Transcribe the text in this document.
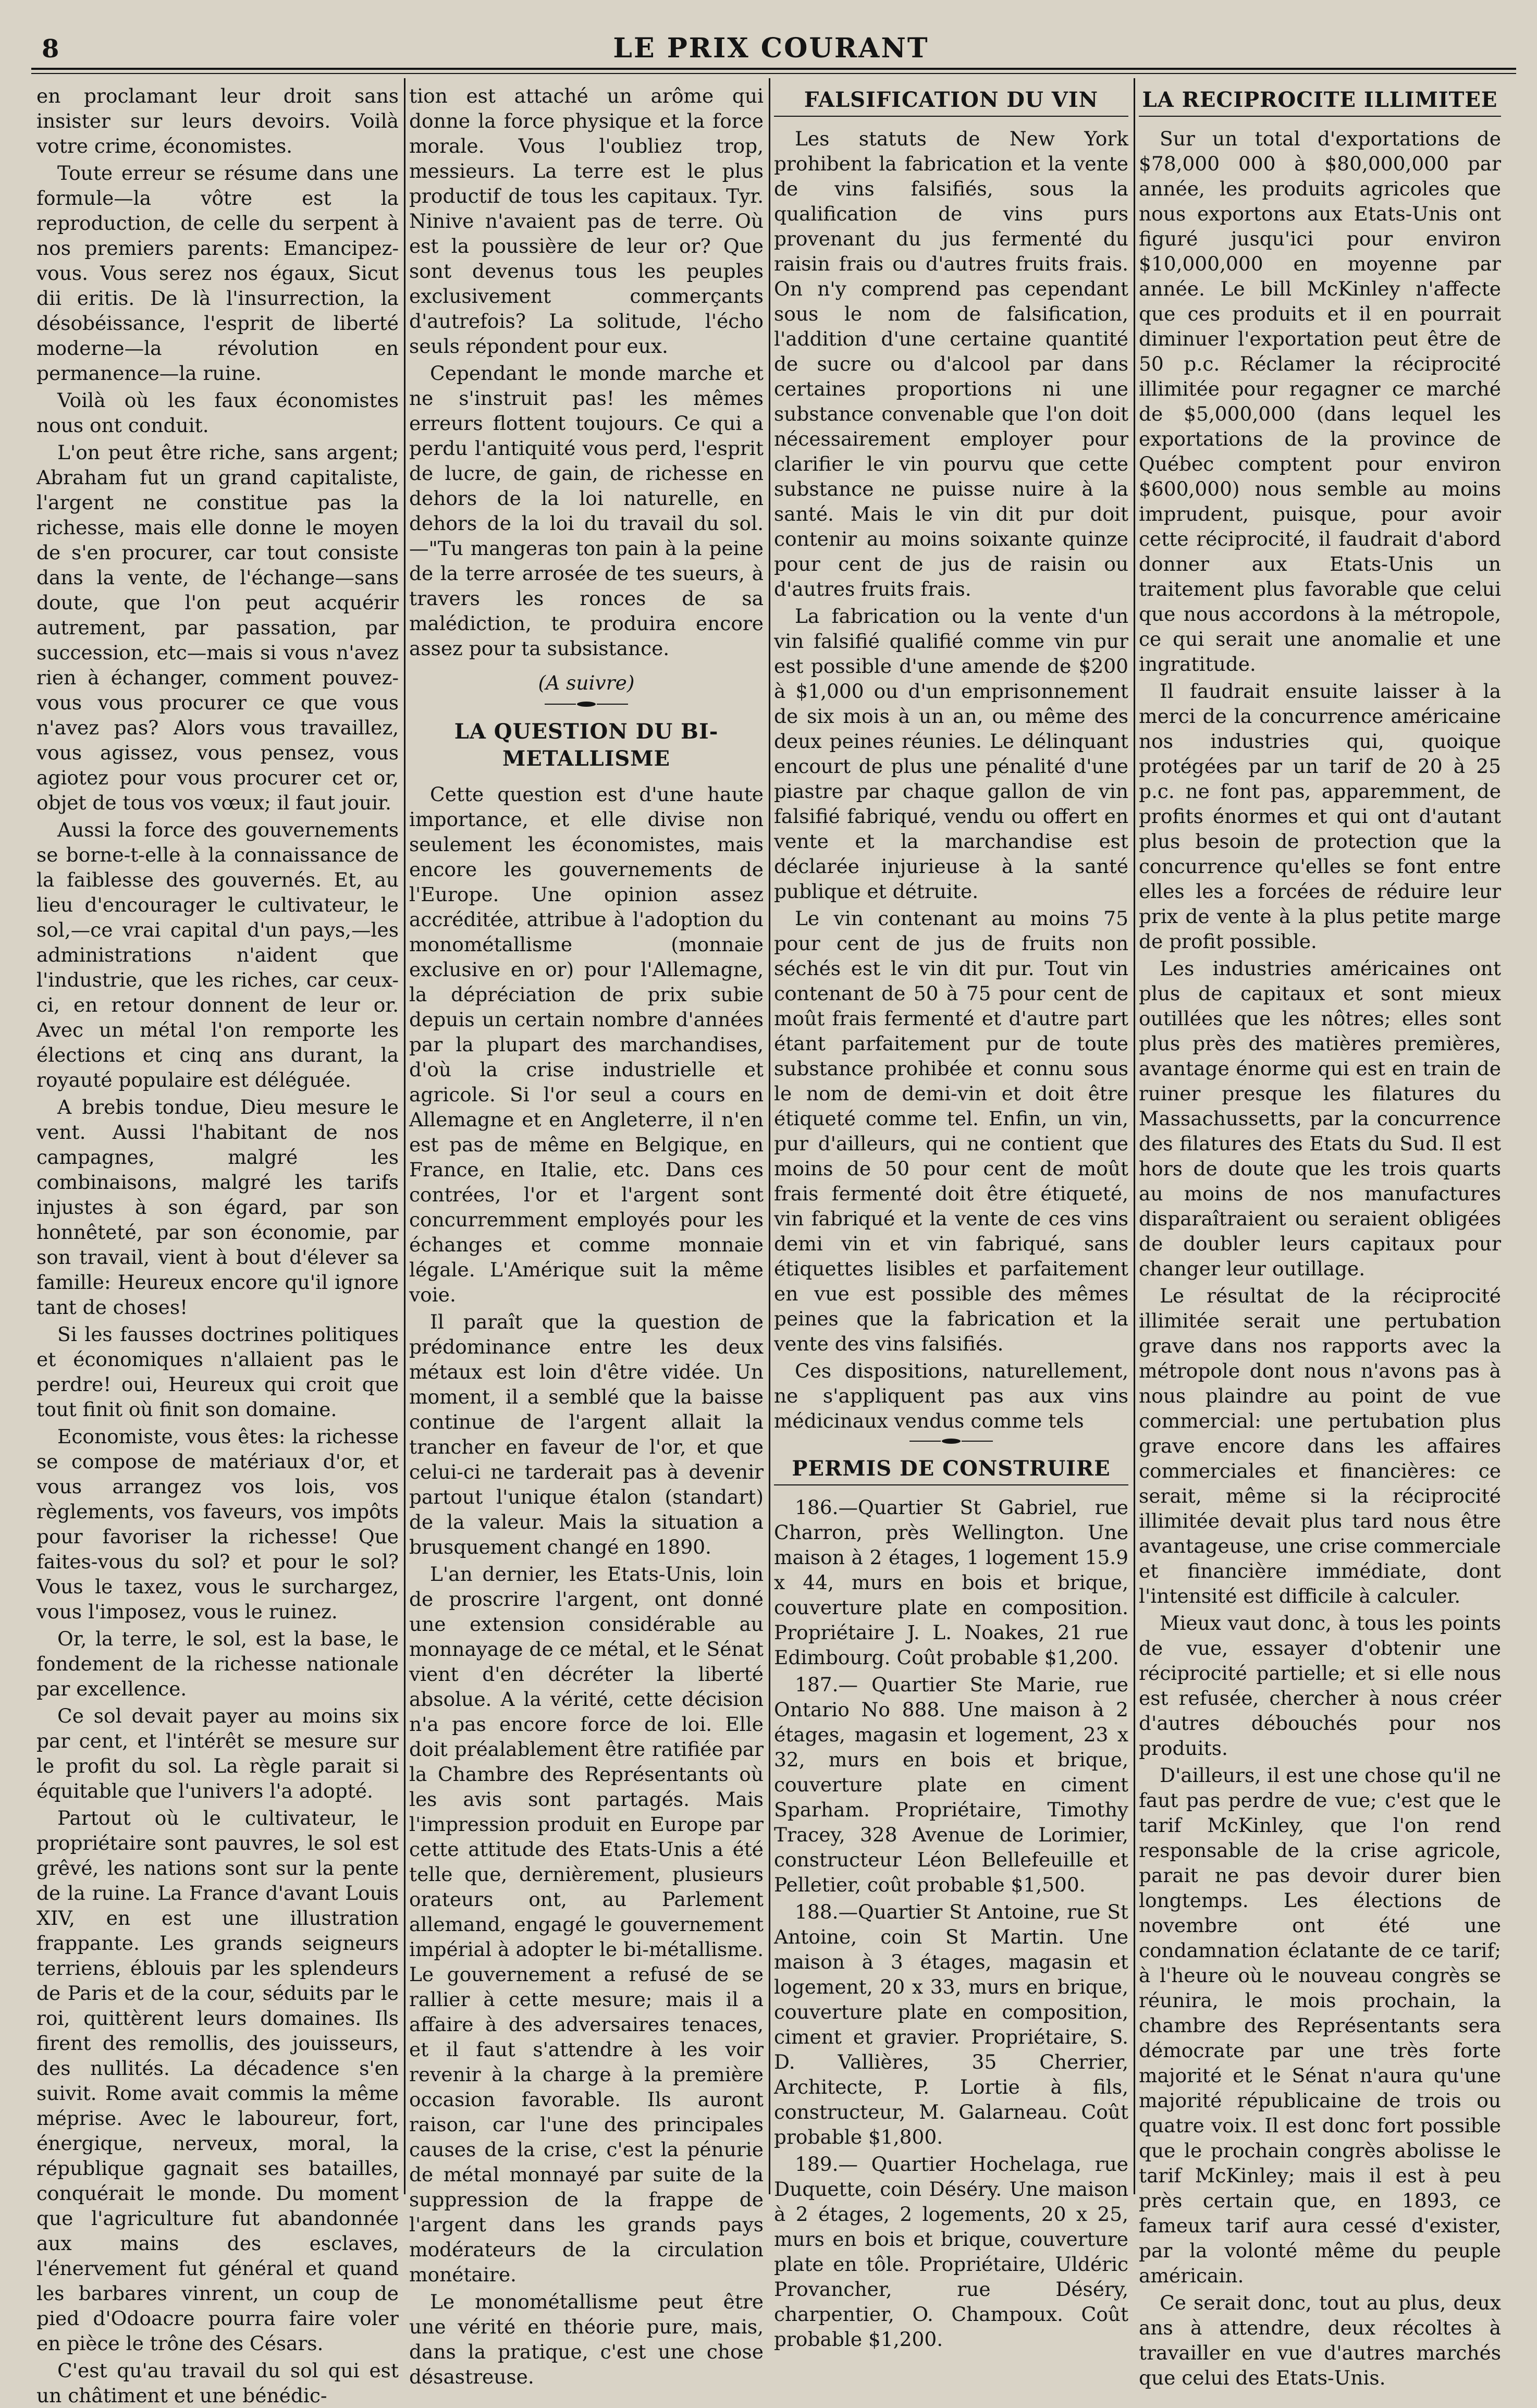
8	LE PRIX COURANT

en proclamant leur droit sans insister sur leurs devoirs. Voilà votre crime, économistes.

Toute erreur se résume dans une formule—la vôtre est la reproduction, de celle du serpent à nos premiers parents: Emancipez-vous. Vous serez nos égaux, Sicut dii eritis. De là l'insurrection, la désobéissance, l'esprit de liberté moderne—la révolution en permanence—la ruine.

Voilà où les faux économistes nous ont conduit.

L'on peut être riche, sans argent; Abraham fut un grand capitaliste, l'argent ne constitue pas la richesse, mais elle donne le moyen de s'en procurer, car tout consiste dans la vente, de l'échange—sans doute, que l'on peut acquérir autrement, par passation, par succession, etc—mais si vous n'avez rien à échanger, comment pouvez-vous vous procurer ce que vous n'avez pas? Alors vous travaillez, vous agissez, vous pensez, vous agiotez pour vous procurer cet or, objet de tous vos vœux; il faut jouir.

Aussi la force des gouvernements se borne-t-elle à la connaissance de la faiblesse des gouvernés. Et, au lieu d'encourager le cultivateur, le sol,—ce vrai capital d'un pays,—les administrations n'aident que l'industrie, que les riches, car ceux-ci, en retour donnent de leur or. Avec un métal l'on remporte les élections et cinq ans durant, la royauté populaire est déléguée.

A brebis tondue, Dieu mesure le vent. Aussi l'habitant de nos campagnes, malgré les combinaisons, malgré les tarifs injustes à son égard, par son honnêteté, par son économie, par son travail, vient à bout d'élever sa famille: Heureux encore qu'il ignore tant de choses!

Si les fausses doctrines politiques et économiques n'allaient pas le perdre! oui, Heureux qui croit que tout finit où finit son domaine.

Economiste, vous êtes: la richesse se compose de matériaux d'or, et vous arrangez vos lois, vos règlements, vos faveurs, vos impôts pour favoriser la richesse! Que faites-vous du sol? et pour le sol? Vous le taxez, vous le surchargez, vous l'imposez, vous le ruinez.

Or, la terre, le sol, est la base, le fondement de la richesse nationale par excellence.

Ce sol devait payer au moins six par cent, et l'intérêt se mesure sur le profit du sol. La règle parait si équitable que l'univers l'a adopté.

Partout où le cultivateur, le propriétaire sont pauvres, le sol est grêvé, les nations sont sur la pente de la ruine. La France d'avant Louis XIV, en est une illustration frappante. Les grands seigneurs terriens, éblouis par les splendeurs de Paris et de la cour, séduits par le roi, quittèrent leurs domaines. Ils firent des remollis, des jouisseurs, des nullités. La décadence s'en suivit. Rome avait commis la même méprise. Avec le laboureur, fort, énergique, nerveux, moral, la république gagnait ses batailles, conquérait le monde. Du moment que l'agriculture fut abandonnée aux mains des esclaves, l'énervement fut général et quand les barbares vinrent, un coup de pied d'Odoacre pourra faire voler en pièce le trône des Césars.

C'est qu'au travail du sol qui est un châtiment et une bénédic-

tion est attaché un arôme qui donne la force physique et la force morale. Vous l'oubliez trop, messieurs. La terre est le plus productif de tous les capitaux. Tyr. Ninive n'avaient pas de terre. Où est la poussière de leur or? Que sont devenus tous les peuples exclusivement commerçants d'autrefois? La solitude, l'écho seuls répondent pour eux.

Cependant le monde marche et ne s'instruit pas! les mêmes erreurs flottent toujours. Ce qui a perdu l'antiquité vous perd, l'esprit de lucre, de gain, de richesse en dehors de la loi naturelle, en dehors de la loi du travail du sol. —"Tu mangeras ton pain à la peine de la terre arrosée de tes sueurs, à travers les ronces de sa malédiction, te produira encore assez pour ta subsistance.

(A suivre)

LA QUESTION DU BI-METALLISME

Cette question est d'une haute importance, et elle divise non seulement les économistes, mais encore les gouvernements de l'Europe. Une opinion assez accréditée, attribue à l'adoption du monométallisme (monnaie exclusive en or) pour l'Allemagne, la dépréciation de prix subie depuis un certain nombre d'années par la plupart des marchandises, d'où la crise industrielle et agricole. Si l'or seul a cours en Allemagne et en Angleterre, il n'en est pas de même en Belgique, en France, en Italie, etc. Dans ces contrées, l'or et l'argent sont concurremment employés pour les échanges et comme monnaie légale. L'Amérique suit la même voie.

Il paraît que la question de prédominance entre les deux métaux est loin d'être vidée. Un moment, il a semblé que la baisse continue de l'argent allait la trancher en faveur de l'or, et que celui-ci ne tarderait pas à devenir partout l'unique étalon (standart) de la valeur. Mais la situation a brusquement changé en 1890.

L'an dernier, les Etats-Unis, loin de proscrire l'argent, ont donné une extension considérable au monnayage de ce métal, et le Sénat vient d'en décréter la liberté absolue. A la vérité, cette décision n'a pas encore force de loi. Elle doit préalablement être ratifiée par la Chambre des Représentants où les avis sont partagés. Mais l'impression produit en Europe par cette attitude des Etats-Unis a été telle que, dernièrement, plusieurs orateurs ont, au Parlement allemand, engagé le gouvernement impérial à adopter le bi-métallisme. Le gouvernement a refusé de se rallier à cette mesure; mais il a affaire à des adversaires tenaces, et il faut s'attendre à les voir revenir à la charge à la première occasion favorable. Ils auront raison, car l'une des principales causes de la crise, c'est la pénurie de métal monnayé par suite de la suppression de la frappe de l'argent dans les grands pays modérateurs de la circulation monétaire.

Le monométallisme peut être une vérité en théorie pure, mais, dans la pratique, c'est une chose désastreuse.

FALSIFICATION DU VIN

Les statuts de New York prohibent la fabrication et la vente de vins falsifiés, sous la qualification de vins purs provenant du jus fermenté du raisin frais ou d'autres fruits frais. On n'y comprend pas cependant sous le nom de falsification, l'addition d'une certaine quantité de sucre ou d'alcool par dans certaines proportions ni une substance convenable que l'on doit nécessairement employer pour clarifier le vin pourvu que cette substance ne puisse nuire à la santé. Mais le vin dit pur doit contenir au moins soixante quinze pour cent de jus de raisin ou d'autres fruits frais.

La fabrication ou la vente d'un vin falsifié qualifié comme vin pur est possible d'une amende de $200 à $1,000 ou d'un emprisonnement de six mois à un an, ou même des deux peines réunies. Le délinquant encourt de plus une pénalité d'une piastre par chaque gallon de vin falsifié fabriqué, vendu ou offert en vente et la marchandise est déclarée injurieuse à la santé publique et détruite.

Le vin contenant au moins 75 pour cent de jus de fruits non séchés est le vin dit pur. Tout vin contenant de 50 à 75 pour cent de moût frais fermenté et d'autre part étant parfaitement pur de toute substance prohibée et connu sous le nom de demi-vin et doit être étiqueté comme tel. Enfin, un vin, pur d'ailleurs, qui ne contient que moins de 50 pour cent de moût frais fermenté doit être étiqueté, vin fabriqué et la vente de ces vins demi vin et vin fabriqué, sans étiquettes lisibles et parfaitement en vue est possible des mêmes peines que la fabrication et la vente des vins falsifiés.

Ces dispositions, naturellement, ne s'appliquent pas aux vins médicinaux vendus comme tels

PERMIS DE CONSTRUIRE

186.—Quartier St Gabriel, rue Charron, près Wellington. Une maison à 2 étages, 1 logement 15.9 x 44, murs en bois et brique, couverture plate en composition. Propriétaire J. L. Noakes, 21 rue Edimbourg. Coût probable $1,200.

187.— Quartier Ste Marie, rue Ontario No 888. Une maison à 2 étages, magasin et logement, 23 x 32, murs en bois et brique, couverture plate en ciment Sparham. Propriétaire, Timothy Tracey, 328 Avenue de Lorimier, constructeur Léon Bellefeuille et Pelletier, coût probable $1,500.

188.—Quartier St Antoine, rue St Antoine, coin St Martin. Une maison à 3 étages, magasin et logement, 20 x 33, murs en brique, couverture plate en composition, ciment et gravier. Propriétaire, S. D. Vallières, 35 Cherrier, Architecte, P. Lortie à fils, constructeur, M. Galarneau. Coût probable $1,800.

189.— Quartier Hochelaga, rue Duquette, coin Déséry. Une maison à 2 étages, 2 logements, 20 x 25, murs en bois et brique, couverture plate en tôle. Propriétaire, Uldéric Provancher, rue Déséry, charpentier, O. Champoux. Coût probable $1,200.

LA RECIPROCITE ILLIMITEE

Sur un total d'exportations de $78,000 000 à $80,000,000 par année, les produits agricoles que nous exportons aux Etats-Unis ont figuré jusqu'ici pour environ $10,000,000 en moyenne par année. Le bill McKinley n'affecte que ces produits et il en pourrait diminuer l'exportation peut être de 50 p.c. Réclamer la réciprocité illimitée pour regagner ce marché de $5,000,000 (dans lequel les exportations de la province de Québec comptent pour environ $600,000) nous semble au moins imprudent, puisque, pour avoir cette réciprocité, il faudrait d'abord donner aux Etats-Unis un traitement plus favorable que celui que nous accordons à la métropole, ce qui serait une anomalie et une ingratitude.

Il faudrait ensuite laisser à la merci de la concurrence américaine nos industries qui, quoique protégées par un tarif de 20 à 25 p.c. ne font pas, apparemment, de profits énormes et qui ont d'autant plus besoin de protection que la concurrence qu'elles se font entre elles les a forcées de réduire leur prix de vente à la plus petite marge de profit possible.

Les industries américaines ont plus de capitaux et sont mieux outillées que les nôtres; elles sont plus près des matières premières, avantage énorme qui est en train de ruiner presque les filatures du Massachussetts, par la concurrence des filatures des Etats du Sud. Il est hors de doute que les trois quarts au moins de nos manufactures disparaîtraient ou seraient obligées de doubler leurs capitaux pour changer leur outillage.

Le résultat de la réciprocité illimitée serait une pertubation grave dans nos rapports avec la métropole dont nous n'avons pas à nous plaindre au point de vue commercial: une pertubation plus grave encore dans les affaires commerciales et financières: ce serait, même si la réciprocité illimitée devait plus tard nous être avantageuse, une crise commerciale et financière immédiate, dont l'intensité est difficile à calculer.

Mieux vaut donc, à tous les points de vue, essayer d'obtenir une réciprocité partielle; et si elle nous est refusée, chercher à nous créer d'autres débouchés pour nos produits.

D'ailleurs, il est une chose qu'il ne faut pas perdre de vue; c'est que le tarif McKinley, que l'on rend responsable de la crise agricole, parait ne pas devoir durer bien longtemps. Les élections de novembre ont été une condamnation éclatante de ce tarif; à l'heure où le nouveau congrès se réunira, le mois prochain, la chambre des Représentants sera démocrate par une très forte majorité et le Sénat n'aura qu'une majorité républicaine de trois ou quatre voix. Il est donc fort possible que le prochain congrès abolisse le tarif McKinley; mais il est à peu près certain que, en 1893, ce fameux tarif aura cessé d'exister, par la volonté même du peuple américain.

Ce serait donc, tout au plus, deux ans à attendre, deux récoltes à travailler en vue d'autres marchés que celui des Etats-Unis.
